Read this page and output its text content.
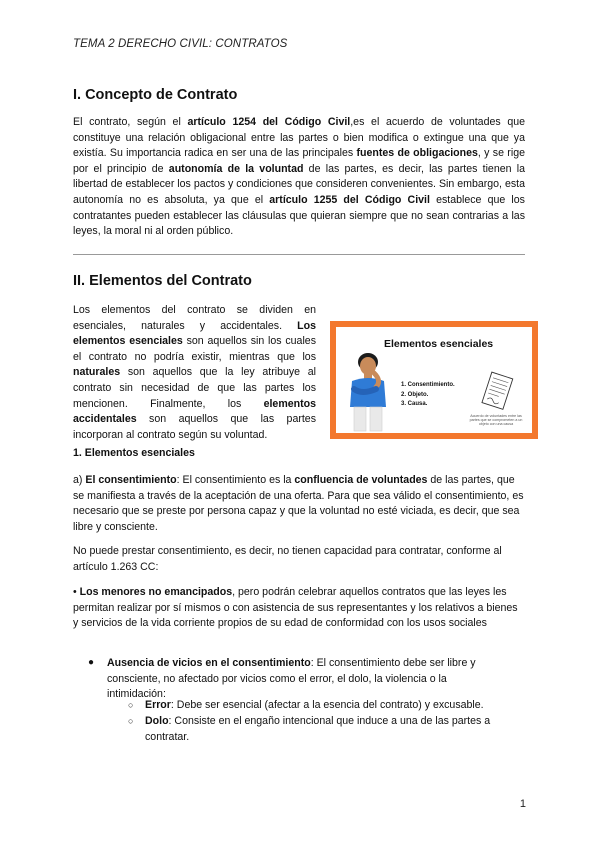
TEMA 2 DERECHO CIVIL: CONTRATOS
I. Concepto de Contrato
El contrato, según el artículo 1254 del Código Civil,es el acuerdo de voluntades que constituye una relación obligacional entre las partes o bien modifica o extingue una que ya existía. Su importancia radica en ser una de las principales fuentes de obligaciones, y se rige por el principio de autonomía de la voluntad de las partes, es decir, las partes tienen la libertad de establecer los pactos y condiciones que consideren convenientes. Sin embargo, esta autonomía no es absoluta, ya que el artículo 1255 del Código Civil establece que los contratantes pueden establecer las cláusulas que quieran siempre que no sean contrarias a las leyes, la moral ni al orden público.
II. Elementos del Contrato
Los elementos del contrato se dividen en esenciales, naturales y accidentales. Los elementos esenciales son aquellos sin los cuales el contrato no podría existir, mientras que los naturales son aquellos que la ley atribuye al contrato sin necesidad de que las partes los mencionen. Finalmente, los elementos accidentales son aquellos que las partes incorporan al contrato según su voluntad.
Elementos esenciales
1. Consentimiento.
2. Objeto.
3. Causa.
Acuerdo de voluntades entre las partes que se comprometen a un objeto con una causa
1. Elementos esenciales
a) El consentimiento: El consentimiento es la confluencia de voluntades de las partes, que se manifiesta a través de la aceptación de una oferta. Para que sea válido el consentimiento, es necesario que se preste por persona capaz y que la voluntad no esté viciada, es decir, que sea libre y consciente.
No puede prestar consentimiento, es decir, no tienen capacidad para contratar, conforme al artículo 1.263 CC:
• Los menores no emancipados, pero podrán celebrar aquellos contratos que las leyes les permitan realizar por sí mismos o con asistencia de sus representantes y los relativos a bienes y servicios de la vida corriente propios de su edad de conformidad con los usos sociales
● Ausencia de vicios en el consentimiento: El consentimiento debe ser libre y consciente, no afectado por vicios como el error, el dolo, la violencia o la intimidación:
○ Error: Debe ser esencial (afectar a la esencia del contrato) y excusable.
○ Dolo: Consiste en el engaño intencional que induce a una de las partes a contratar.
1
